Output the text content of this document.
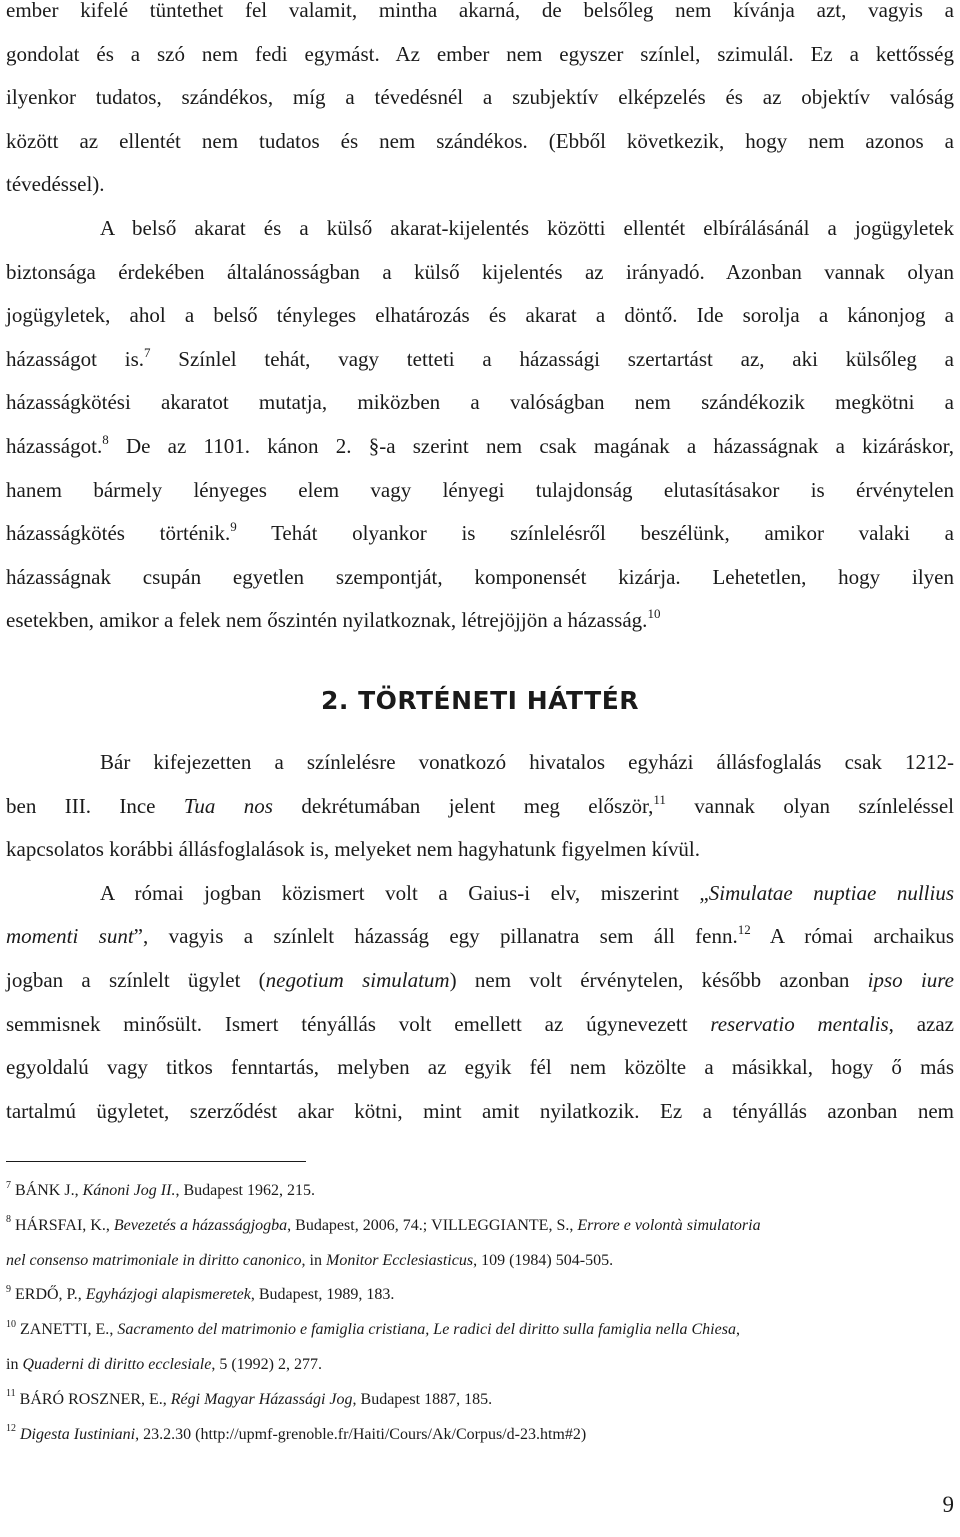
ember kifelé tüntethet fel valamit, mintha akarná, de belsőleg nem kívánja azt, vagyis a
gondolat és a szó nem fedi egymást. Az ember nem egyszer színlel, szimulál. Ez a kettősség
ilyenkor tudatos, szándékos, míg a tévedésnél a szubjektív elképzelés és az objektív valóság
között az ellentét nem tudatos és nem szándékos. (Ebből következik, hogy nem azonos a
tévedéssel).

A belső akarat és a külső akarat-kijelentés közötti ellentét elbírálásánál a jogügyletek
biztonsága érdekében általánosságban a külső kijelentés az irányadó. Azonban vannak olyan
jogügyletek, ahol a belső tényleges elhatározás és akarat a döntő. Ide sorolja a kánonjog a
házasságot is.$^7$ Színlel tehát, vagy tetteti a házassági szertartást az, aki külsőleg a
házasságkötési akaratot mutatja, miközben a valóságban nem szándékozik megkötni a
házasságot.$^8$ De az 1101. kánon 2. §-a szerint nem csak magának a házasságnak a kizáráskor,
hanem bármely lényeges elem vagy lényegi tulajdonság elutasításakor is érvénytelen
házasságkötés történik.$^9$ Tehát olyankor is színlelésről beszélünk, amikor valaki a
házasságnak csupán egyetlen szempontját, komponensét kizárja. Lehetetlen, hogy ilyen
esetekben, amikor a felek nem őszintén nyilatkoznak, létrejöjjön a házasság.$^{10}$

2. TÖRTÉNETI HÁTTÉR

Bár kifejezetten a színlelésre vonatkozó hivatalos egyházi állásfoglalás csak 1212-
ben III. Ince Tua nos dekrétumában jelent meg először,$^{11}$ vannak olyan színleléssel
kapcsolatos korábbi állásfoglalások is, melyeket nem hagyhatunk figyelmen kívül.

A római jogban közismert volt a Gaius-i elv, miszerint „Simulatae nuptiae nullius
momenti sunt”, vagyis a színlelt házasság egy pillanatra sem áll fenn.$^{12}$ A római archaikus
jogban a színlelt ügylet (negotium simulatum) nem volt érvénytelen, később azonban ipso iure
semmisnek minősült. Ismert tényállás volt emellett az úgynevezett reservatio mentalis, azaz
egyoldalú vagy titkos fenntartás, melyben az egyik fél nem közölte a másikkal, hogy ő más
tartalmú ügyletet, szerződést akar kötni, mint amit nyilatkozik. Ez a tényállás azonban nem

$^7$ BÁNK J., Kánoni Jog II., Budapest 1962, 215.
$^8$ HÁRSFAI, K., Bevezetés a házasságjogba, Budapest, 2006, 74.; VILLEGGIANTE, S., Errore e volontà simulatoria
nel consenso matrimoniale in diritto canonico, in Monitor Ecclesiasticus, 109 (1984) 504-505.
$^9$ ERDŐ, P., Egyházjogi alapismeretek, Budapest, 1989, 183.
$^{10}$ ZANETTI, E., Sacramento del matrimonio e famiglia cristiana, Le radici del diritto sulla famiglia nella Chiesa,
in Quaderni di diritto ecclesiale, 5 (1992) 2, 277.
$^{11}$ BÁRÓ ROSZNER, E., Régi Magyar Házassági Jog, Budapest 1887, 185.
$^{12}$ Digesta Iustiniani, 23.2.30 (http://upmf-grenoble.fr/Haiti/Cours/Ak/Corpus/d-23.htm#2)
9
